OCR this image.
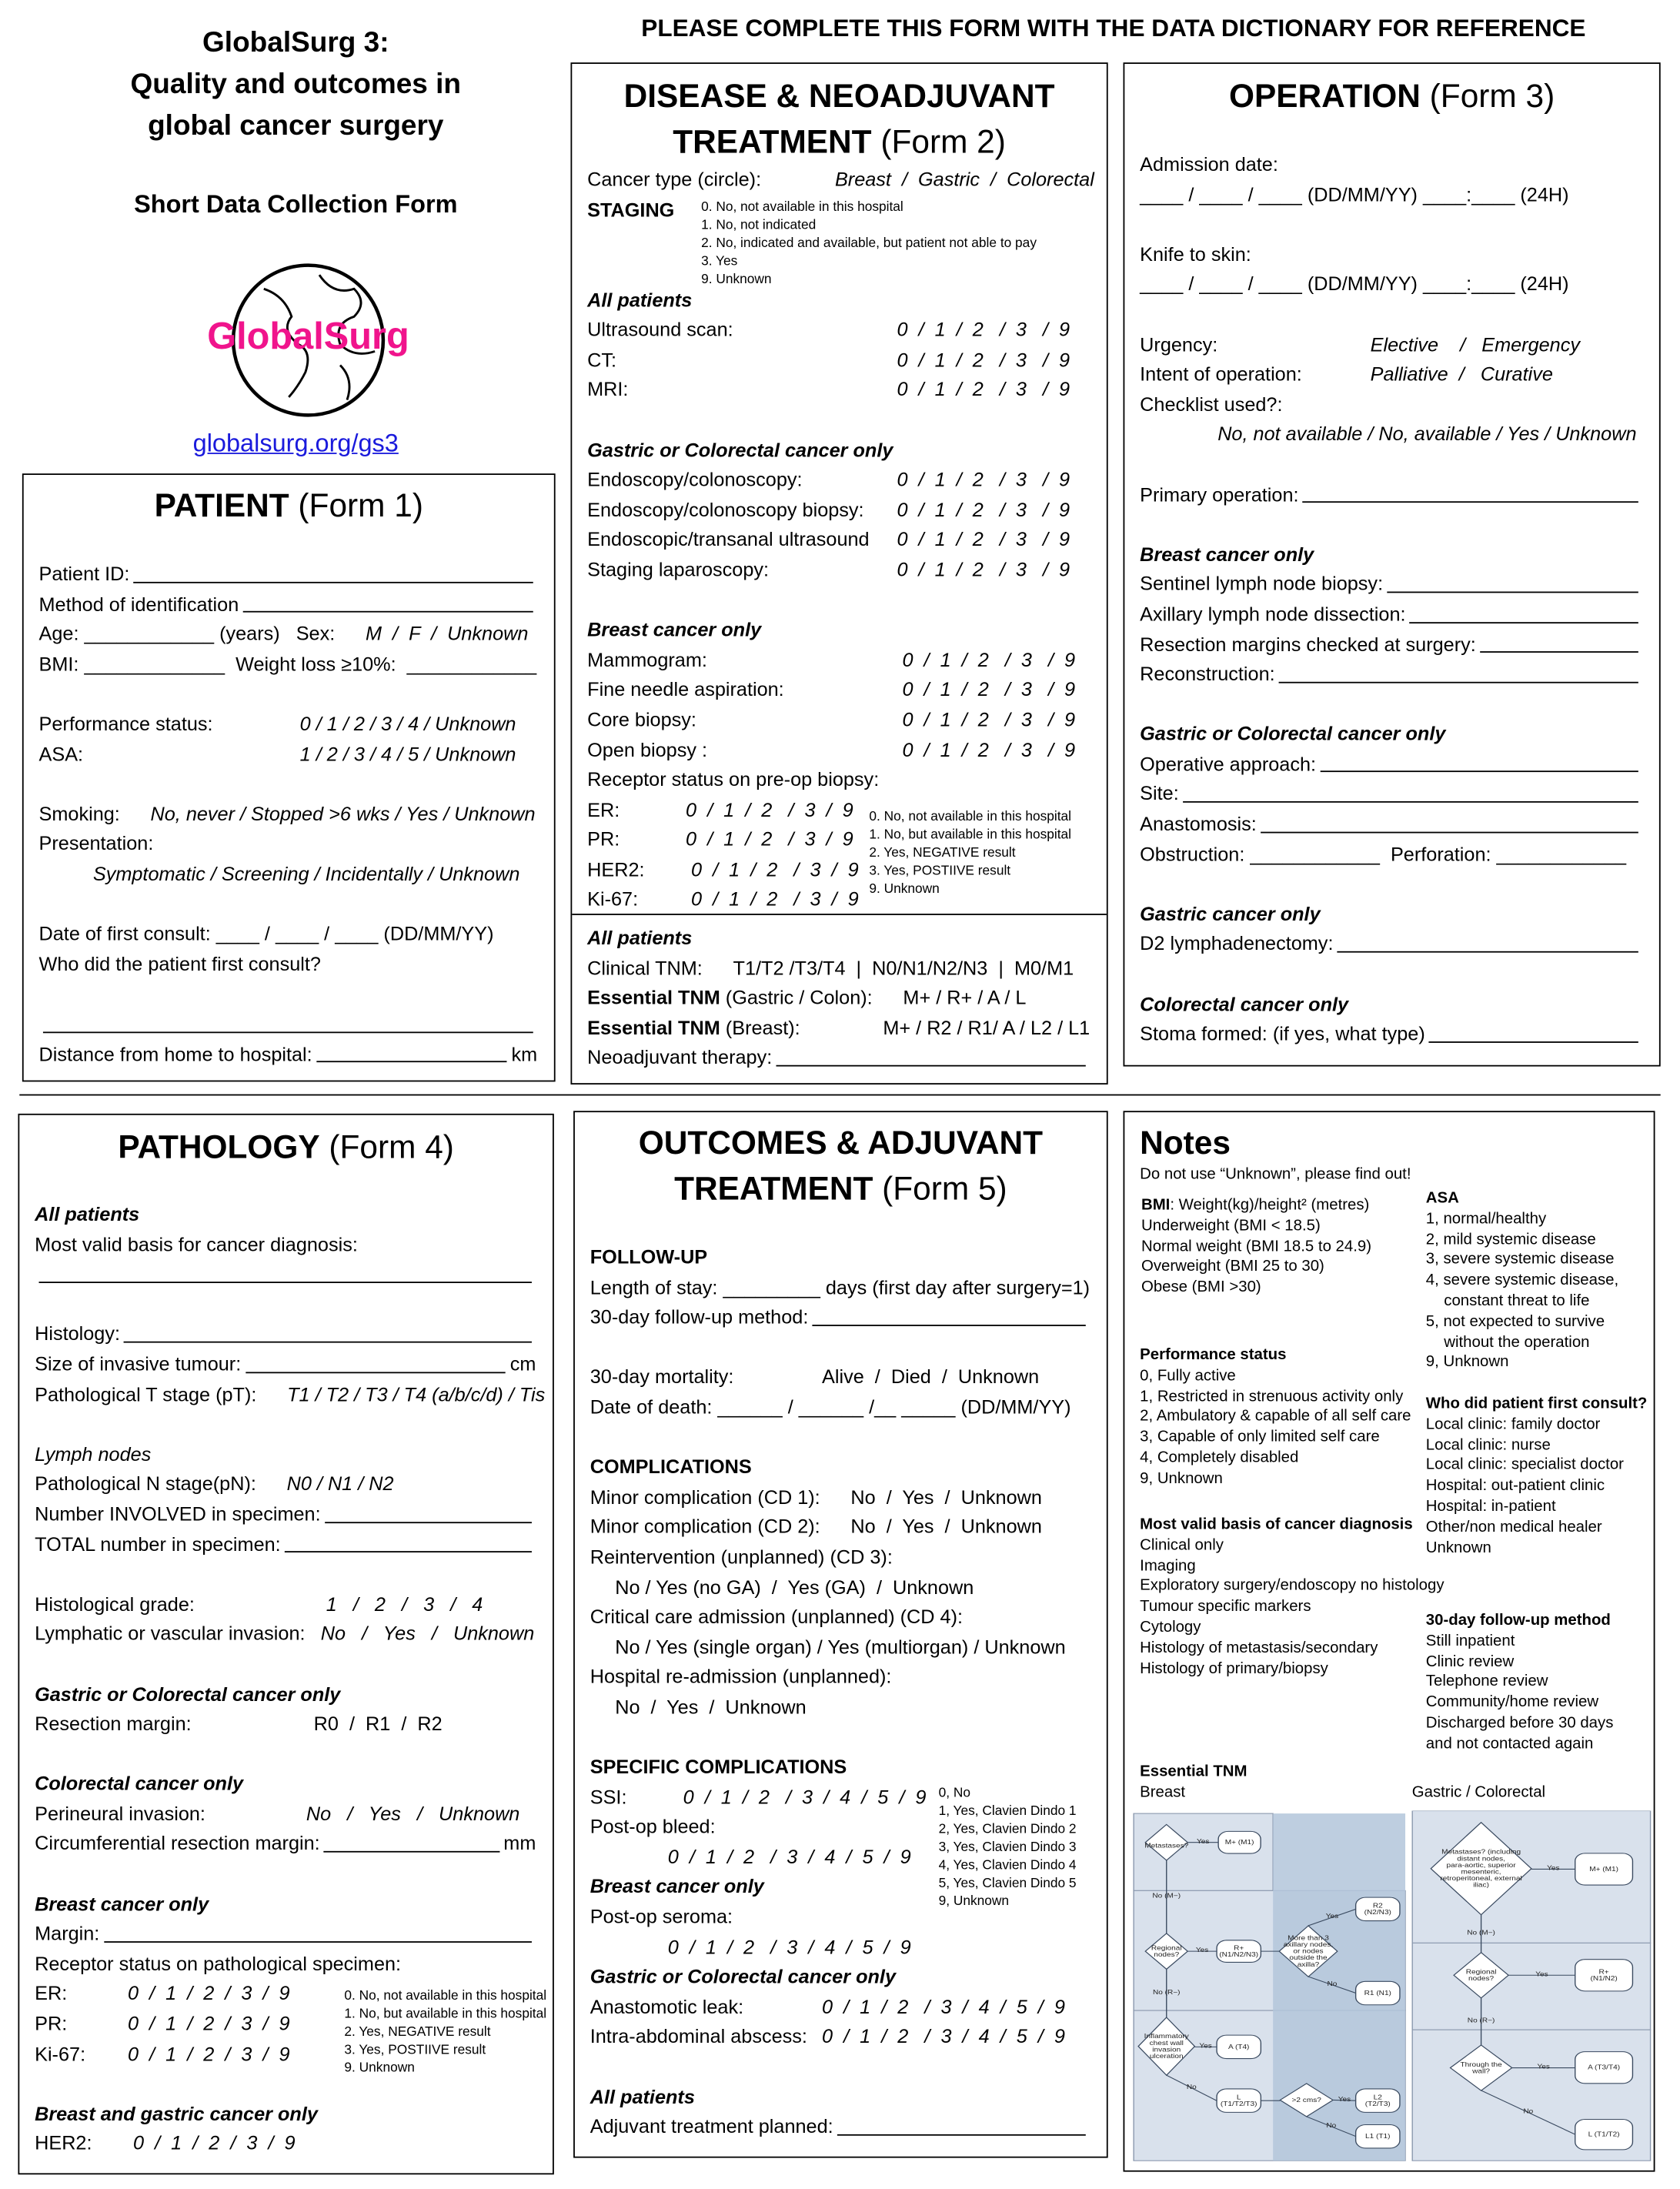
GlobalSurg 3:
Quality and outcomes in
global cancer surgery
Short Data Collection Form
GlobalSurg
globalsurg.org/gs3
PLEASE COMPLETE THIS FORM WITH THE DATA DICTIONARY FOR REFERENCE
PATIENT (Form 1)
Patient ID:
Method of identification
Age: ____________ (years)   Sex:	M  /  F  /  Unknown
BMI: _____________  Weight loss ≥10%:  ____________
Performance status:	0 / 1 / 2 / 3 / 4 / Unknown
ASA:	1 / 2 / 3 / 4 / 5 / Unknown
Smoking:	No, never / Stopped >6 wks / Yes / Unknown
Presentation:
Symptomatic / Screening / Incidentally / Unknown
Date of first consult: ____ / ____ / ____ (DD/MM/YY)
Who did the patient first consult?
Distance from home to hospital:	km
DISEASE & NEOADJUVANT
TREATMENT (Form 2)
Cancer type (circle):	Breast  /  Gastric  /  Colorectal
STAGING	0. No, not available in this hospital
1. No, not indicated
2. No, indicated and available, but patient not able to pay
3. Yes
9. Unknown
All patients
Ultrasound scan:	0  /  1  /  2   /  3   /  9
CT:	0  /  1  /  2   /  3   /  9
MRI:	0  /  1  /  2   /  3   /  9
Gastric or Colorectal cancer only
Endoscopy/colonoscopy:	0  /  1  /  2   /  3   /  9
Endoscopy/colonoscopy biopsy:	0  /  1  /  2   /  3   /  9
Endoscopic/transanal ultrasound	0  /  1  /  2   /  3   /  9
Staging laparoscopy:	0  /  1  /  2   /  3   /  9
Breast cancer only
Mammogram:	0  /  1  /  2   /  3   /  9
Fine needle aspiration:	0  /  1  /  2   /  3   /  9
Core biopsy:	0  /  1  /  2   /  3   /  9
Open biopsy :	0  /  1  /  2   /  3   /  9
Receptor status on pre-op biopsy:
ER:	0  /  1  /  2   /  3  /  9
PR:	0  /  1  /  2   /  3  /  9
HER2:	0  /  1  /  2   /  3  /  9
Ki-67:	0  /  1  /  2   /  3  /  9
0. No, not available in this hospital
1. No, but available in this hospital
2. Yes, NEGATIVE result
3. Yes, POSTIIVE result
9. Unknown
All patients
Clinical TNM:	T1/T2 /T3/T4  |  N0/N1/N2/N3  |  M0/M1
Essential TNM (Gastric / Colon):	M+ / R+ / A / L
Essential TNM (Breast):	M+ / R2 / R1/ A / L2 / L1
Neoadjuvant therapy:
OPERATION (Form 3)
Admission date:
____ / ____ / ____ (DD/MM/YY) ____:____ (24H)
Knife to skin:
____ / ____ / ____ (DD/MM/YY) ____:____ (24H)
Urgency:	Elective    /   Emergency
Intent of operation:	Palliative  /   Curative
Checklist used?:
No, not available / No, available / Yes / Unknown
Primary operation:
Breast cancer only
Sentinel lymph node biopsy:
Axillary lymph node dissection:
Resection margins checked at surgery:
Reconstruction:
Gastric or Colorectal cancer only
Operative approach:
Site:
Anastomosis:
Obstruction: ____________  Perforation: ____________
Gastric cancer only
D2 lymphadenectomy:
Colorectal cancer only
Stoma formed: (if yes, what type)
PATHOLOGY (Form 4)
All patients
Most valid basis for cancer diagnosis:
Histology:
Size of invasive tumour:	cm
Pathological T stage (pT):	T1 / T2 / T3 / T4 (a/b/c/d) / Tis
Lymph nodes
Pathological N stage(pN):	N0 / N1 / N2
Number INVOLVED in specimen:
TOTAL number in specimen:
Histological grade:	1   /   2   /   3   /   4
Lymphatic or vascular invasion: No   /   Yes   /   Unknown
Gastric or Colorectal cancer only
Resection margin:	R0  /  R1  /  R2
Colorectal cancer only
Perineural invasion:	No   /   Yes   /   Unknown
Circumferential resection margin:	mm
Breast cancer only
Margin:
Receptor status on pathological specimen:
ER:	0  /  1  /  2  /  3  /  9
PR:	0  /  1  /  2  /  3  /  9
Ki-67:	0  /  1  /  2  /  3  /  9
Breast and gastric cancer only
HER2:	0  /  1  /  2  /  3  /  9
0. No, not available in this hospital
1. No, but available in this hospital
2. Yes, NEGATIVE result
3. Yes, POSTIIVE result
9. Unknown
OUTCOMES & ADJUVANT
TREATMENT (Form 5)
FOLLOW-UP
Length of stay: _________ days (first day after surgery=1)
30-day follow-up method:
30-day mortality:	Alive  /  Died  /  Unknown
Date of death: ______ / ______ /__ _____ (DD/MM/YY)
COMPLICATIONS
Minor complication (CD 1):	No  /  Yes  /  Unknown
Minor complication (CD 2):	No  /  Yes  /  Unknown
Reintervention (unplanned) (CD 3):
No / Yes (no GA)  /  Yes (GA)  /  Unknown
Critical care admission (unplanned) (CD 4):
No / Yes (single organ) / Yes (multiorgan) / Unknown
Hospital re-admission (unplanned):
No  /  Yes  /  Unknown
SPECIFIC COMPLICATIONS
SSI:	0  /  1  /  2   /  3  /  4  /  5  /  9
Post-op bleed:
0  /  1  /  2   /  3  /  4  /  5  /  9
Breast cancer only
Post-op seroma:
0  /  1  /  2   /  3  /  4  /  5  /  9
Gastric or Colorectal cancer only
Anastomotic leak:	0  /  1  /  2   /  3  /  4  /  5  /  9
Intra-abdominal abscess: 0  /  1  /  2   /  3  /  4  /  5  /  9
All patients
Adjuvant treatment planned:
0, No
1, Yes, Clavien Dindo 1
2, Yes, Clavien Dindo 2
3, Yes, Clavien Dindo 3
4, Yes, Clavien Dindo 4
5, Yes, Clavien Dindo 5
9, Unknown
Notes
Do not use “Unknown”, please find out!
BMI: Weight(kg)/height² (metres)
Underweight (BMI < 18.5)
Normal weight (BMI 18.5 to 24.9)
Overweight (BMI 25 to 30)
Obese (BMI >30)
Performance status
0, Fully active
1, Restricted in strenuous activity only
2, Ambulatory & capable of all self care
3, Capable of only limited self care
4, Completely disabled
9, Unknown
Most valid basis of cancer diagnosis
Clinical only
Imaging
Exploratory surgery/endoscopy no histology
Tumour specific markers
Cytology
Histology of metastasis/secondary
Histology of primary/biopsy
ASA
1, normal/healthy
2, mild systemic disease
3, severe systemic disease
4, severe systemic disease,
constant threat to life
5, not expected to survive
without the operation
9, Unknown
Who did patient first consult?
Local clinic: family doctor
Local clinic: nurse
Local clinic: specialist doctor
Hospital: out-patient clinic
Hospital: in-patient
Other/non medical healer
Unknown
30-day follow-up method
Still inpatient
Clinic review
Telephone review
Community/home review
Discharged before 30 days
and not contacted again
Essential TNM
Breast	Gastric / Colorectal
Yes
No (M−)
Yes
Yes
No
No (R−)
Yes
No
Yes
No
Yes
No (M−)
Yes
No (R−)
Yes
No
Metastases? M+ (M1)
Regional nodes?
R+ (N1/N2/N3)
More than 3 axillary nodes, or nodes outside the axilla?
R2 (N2/N3)
R1 (N1)
Inflammatory chest wall invasion ulceration
A (T4)
L (T1/T2/T3)
>2 cms?	L2 (T2/T3)
L1 (T1)
Metastases? (including distant nodes, para-aortic, superior mesenteric, retroperitoneal, external iliac)
M+ (M1)
Regional nodes?
R+ (N1/N2)
Through the wall?
A (T3/T4)
L (T1/T2)
